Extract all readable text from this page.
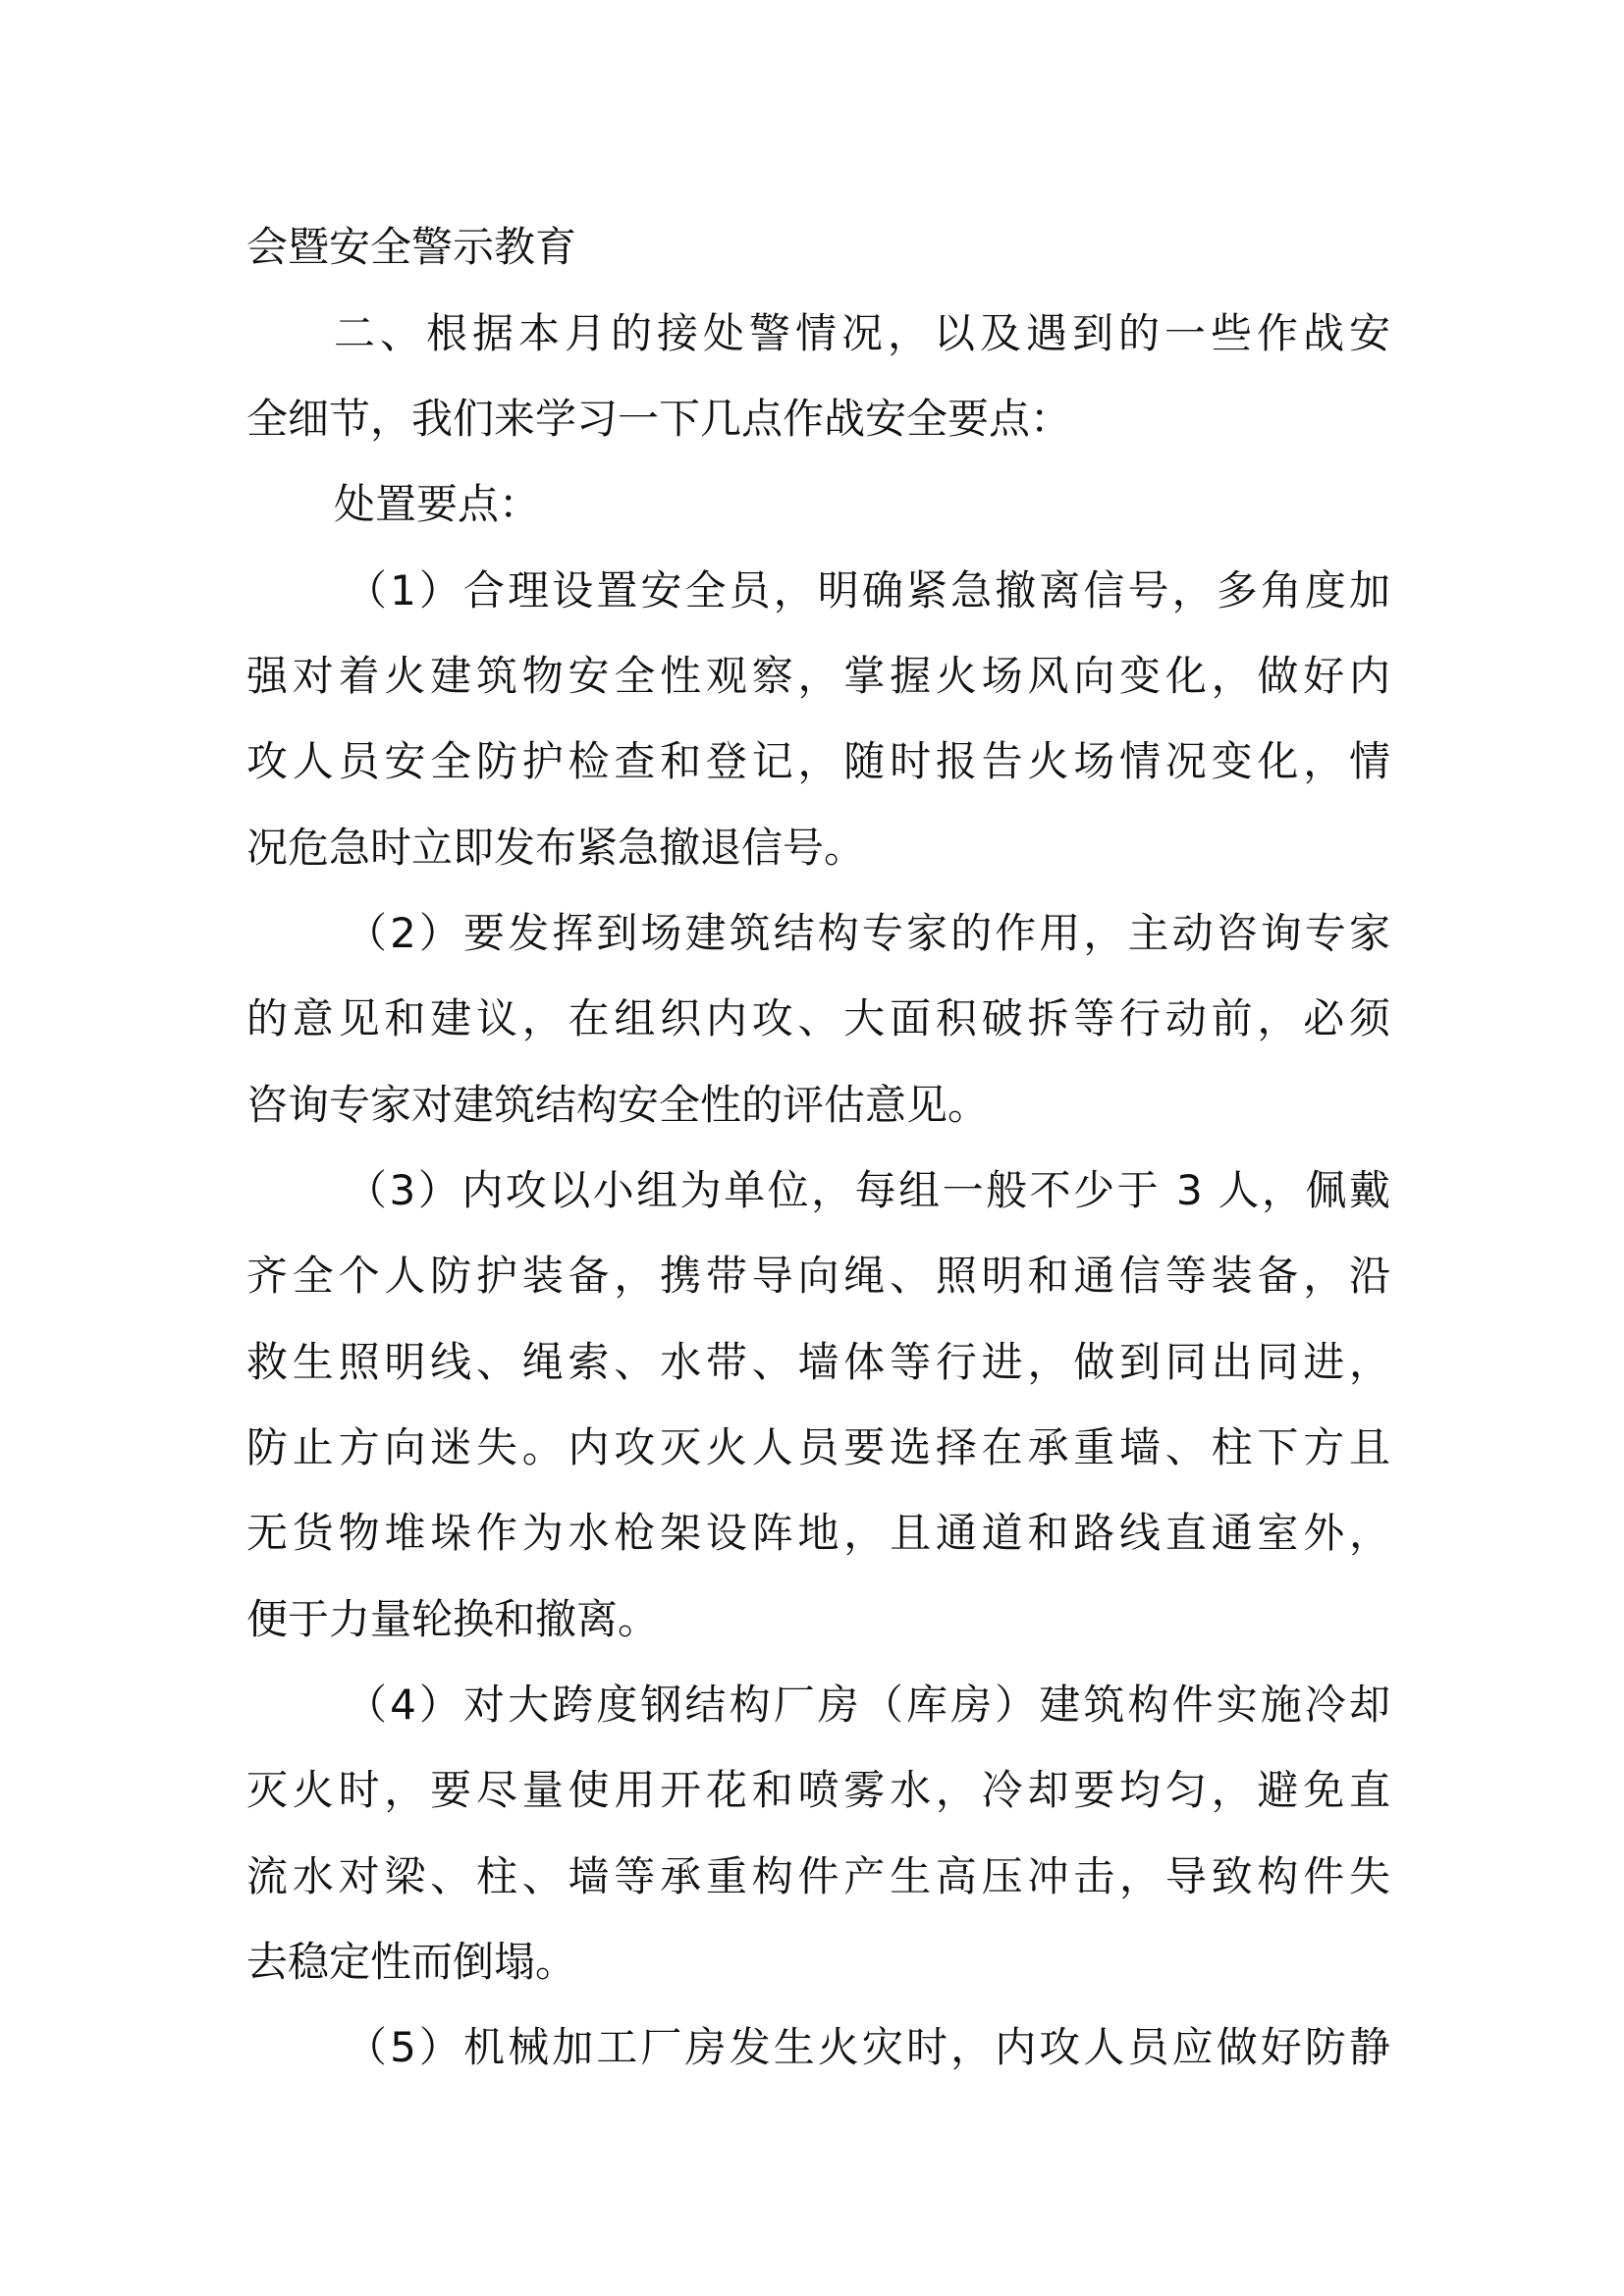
会暨安全警示教育
二、根据本月的接处警情况，以及遇到的一些作战安
全细节，我们来学习一下几点作战安全要点：
处置要点：
（1）合理设置安全员，明确紧急撤离信号，多角度加
强对着火建筑物安全性观察，掌握火场风向变化，做好内
攻人员安全防护检查和登记，随时报告火场情况变化，情
况危急时立即发布紧急撤退信号。
（2）要发挥到场建筑结构专家的作用，主动咨询专家
的意见和建议，在组织内攻、大面积破拆等行动前，必须
咨询专家对建筑结构安全性的评估意见。
（3）内攻以小组为单位，每组一般不少于 3 人，佩戴
齐全个人防护装备，携带导向绳、照明和通信等装备，沿
救生照明线、绳索、水带、墙体等行进，做到同出同进，
防止方向迷失。内攻灭火人员要选择在承重墙、柱下方且
无货物堆垛作为水枪架设阵地，且通道和路线直通室外，
便于力量轮换和撤离。
（4）对大跨度钢结构厂房（库房）建筑构件实施冷却
灭火时，要尽量使用开花和喷雾水，冷却要均匀，避免直
流水对梁、柱、墙等承重构件产生高压冲击，导致构件失
去稳定性而倒塌。
（5）机械加工厂房发生火灾时，内攻人员应做好防静
